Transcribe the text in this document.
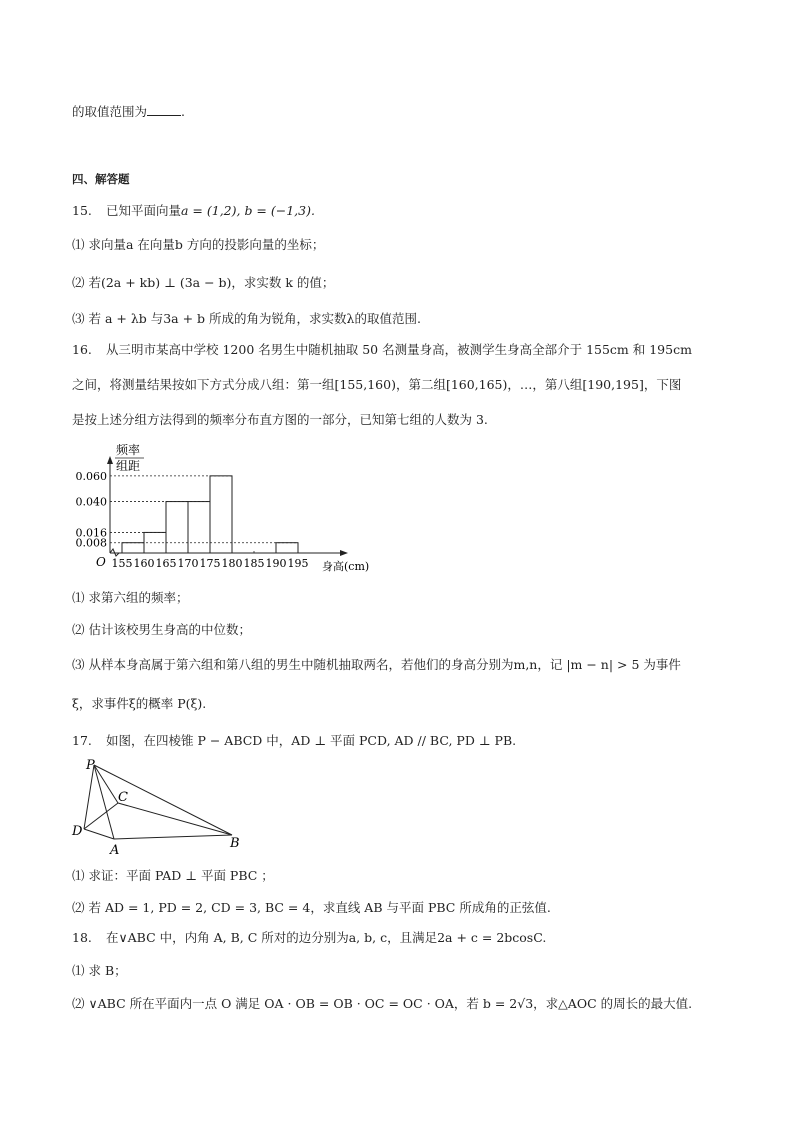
的取值范围为	.
四、解答题
15. 已知平面向量a = (1,2), b = (−1,3).
⑴ 求向量a 在向量b 方向的投影向量的坐标；
⑵ 若(2a + kb) ⊥ (3a − b)，求实数 k 的值；
⑶ 若 a + λb 与3a + b 所成的角为锐角，求实数λ的取值范围.
16. 从三明市某高中学校 1200 名男生中随机抽取 50 名测量身高，被测学生身高全部介于 155cm 和 195cm
之间，将测量结果按如下方式分成八组：第一组[155,160)，第二组[160,165)，…，第八组[190,195]，下图
是按上述分组方法得到的频率分布直方图的一部分，已知第七组的人数为 3.
频率
组距
O	身高(cm)
0.060
0.040
0.016
0.008
155 160 165 170 175 180 185 190 195
⑴ 求第六组的频率；
⑵ 估计该校男生身高的中位数；
⑶ 从样本身高属于第六组和第八组的男生中随机抽取两名，若他们的身高分别为m,n，记 |m − n| > 5 为事件
ξ，求事件ξ的概率 P(ξ).
17. 如图，在四棱锥 P − ABCD 中，AD ⊥ 平面 PCD, AD // BC, PD ⊥ PB.
P
C
D
A	B
⑴ 求证：平面 PAD ⊥ 平面 PBC ；
⑵ 若 AD = 1, PD = 2, CD = 3, BC = 4，求直线 AB 与平面 PBC 所成角的正弦值.
18. 在∨ABC 中，内角 A, B, C 所对的边分别为a, b, c，且满足2a + c = 2bcosC.
⑴ 求 B；
⑵ ∨ABC 所在平面内一点 O 满足 OA · OB = OB · OC = OC · OA，若 b = 2√3，求△AOC 的周长的最大值.
